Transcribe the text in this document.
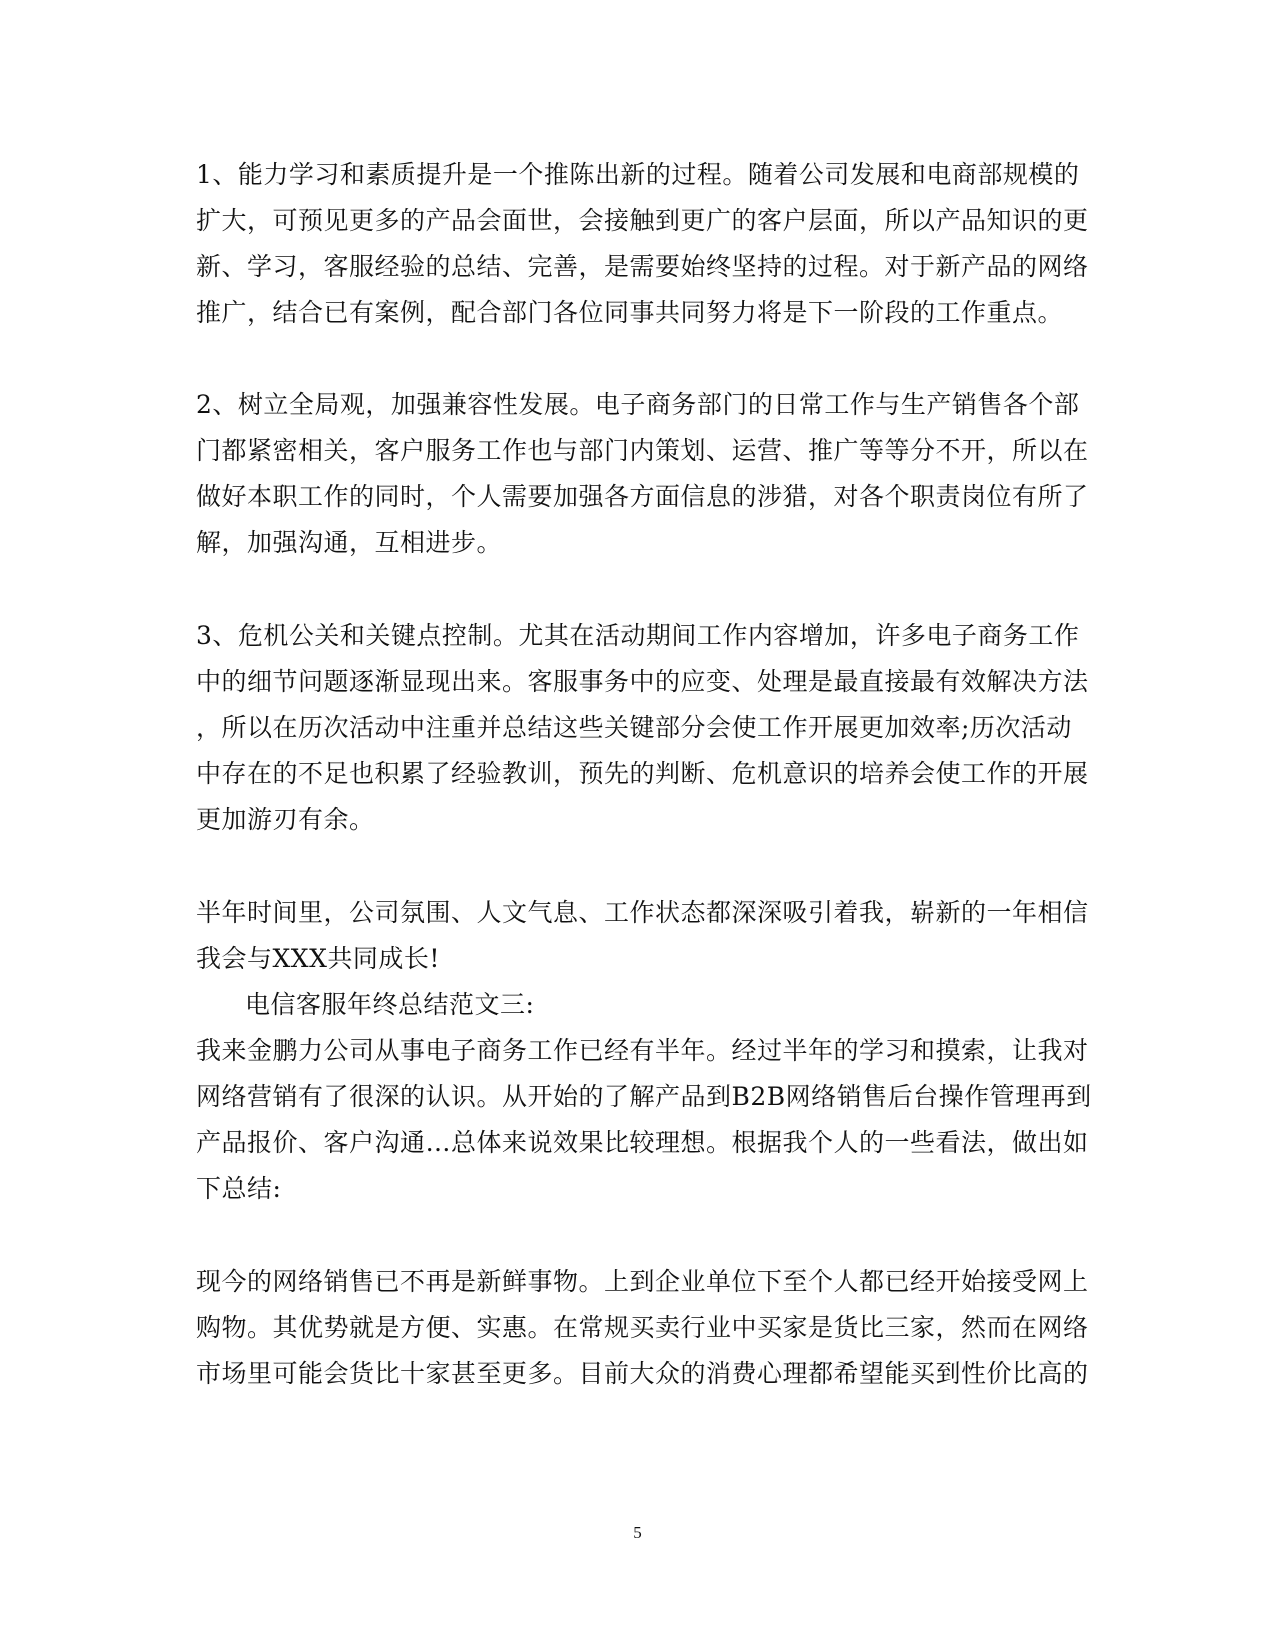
1、能力学习和素质提升是一个推陈出新的过程。随着公司发展和电商部规模的
扩大，可预见更多的产品会面世，会接触到更广的客户层面，所以产品知识的更
新、学习，客服经验的总结、完善，是需要始终坚持的过程。对于新产品的网络
推广，结合已有案例，配合部门各位同事共同努力将是下一阶段的工作重点。
2、树立全局观，加强兼容性发展。电子商务部门的日常工作与生产销售各个部
门都紧密相关，客户服务工作也与部门内策划、运营、推广等等分不开，所以在
做好本职工作的同时，个人需要加强各方面信息的涉猎，对各个职责岗位有所了
解，加强沟通，互相进步。
3、危机公关和关键点控制。尤其在活动期间工作内容增加，许多电子商务工作
中的细节问题逐渐显现出来。客服事务中的应变、处理是最直接最有效解决方法
，所以在历次活动中注重并总结这些关键部分会使工作开展更加效率;历次活动
中存在的不足也积累了经验教训，预先的判断、危机意识的培养会使工作的开展
更加游刃有余。
半年时间里，公司氛围、人文气息、工作状态都深深吸引着我，崭新的一年相信
我会与XXX共同成长!
电信客服年终总结范文三:
我来金鹏力公司从事电子商务工作已经有半年。经过半年的学习和摸索，让我对
网络营销有了很深的认识。从开始的了解产品到B2B网络销售后台操作管理再到
产品报价、客户沟通…总体来说效果比较理想。根据我个人的一些看法，做出如
下总结:
现今的网络销售已不再是新鲜事物。上到企业单位下至个人都已经开始接受网上
购物。其优势就是方便、实惠。在常规买卖行业中买家是货比三家，然而在网络
市场里可能会货比十家甚至更多。目前大众的消费心理都希望能买到性价比高的
5
